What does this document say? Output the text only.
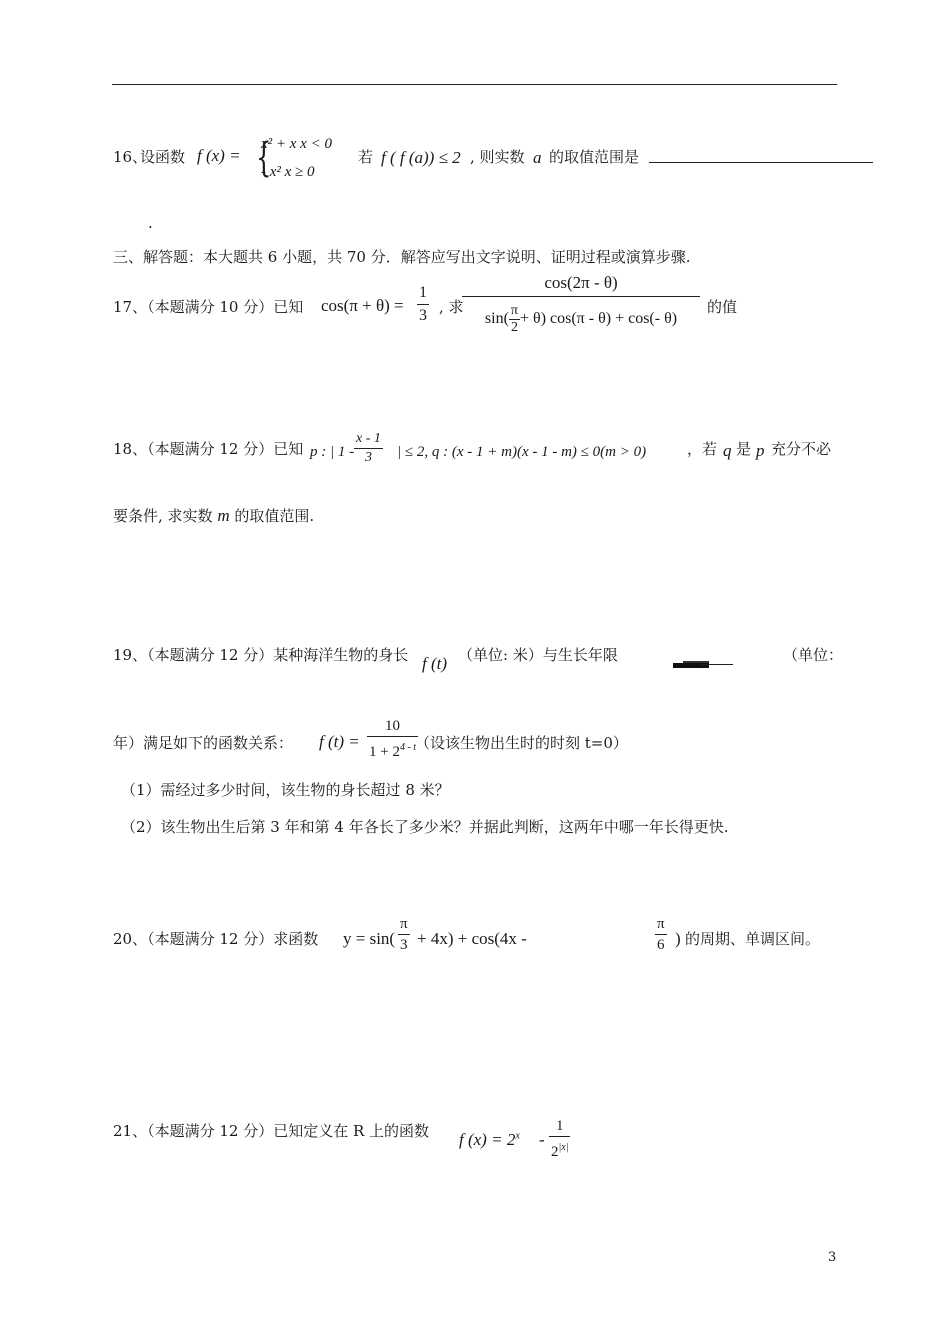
16、
设函数 f (x) = {
x² + x x < 0
- x² x ≥ 0
若 f ( f (a)) ≤ 2 , 则实数 a 的取值范围是
.
三、解答题：本大题共 6 小题，共 70 分．解答应写出文字说明、证明过程或演算步骤.
17、（本题满分 10 分）已知 $\cos(\pi + \theta) = \frac{1}{3}$ , 求
cos(2π - θ)
$\sin( \frac{\pi}{2} + \theta)$ cos(π - θ) + cos(- θ)
的值
18、（本题满分 12 分）已知 p : | $1 - \frac{x - 1}{3}$ | ≤ 2, q : (x - 1 + m)(x - 1 - m) ≤ 0(m > 0)	，若 q 是 p 充分不必
要条件, 求实数 m 的取值范围.
19、（本题满分 12 分）某种海洋生物的身长 f (t) （单位: 米）与生长年限	（单位：
年）满足如下的函数关系： f $(t) = \frac{10}{1 + 2^{4 - t}}$
（设该生物出生时的时刻 t=0）
（1）需经过多少时间，该生物的身长超过 8 米？
（2）该生物出生后第 3 年和第 4 年各长了多少米？并据此判断，这两年中哪一年长得更快.
20、（本题满分 12 分）求函数 $y = \sin( \frac{\pi}{3} + 4x) + \cos(4x$ -	$\frac{\pi}{6}$ ) 的周期、单调区间。
21、（本题满分 12 分）已知定义在 R 上的函数 f $(x) = 2^x - \frac{1}{2^{|x|}}$
3
